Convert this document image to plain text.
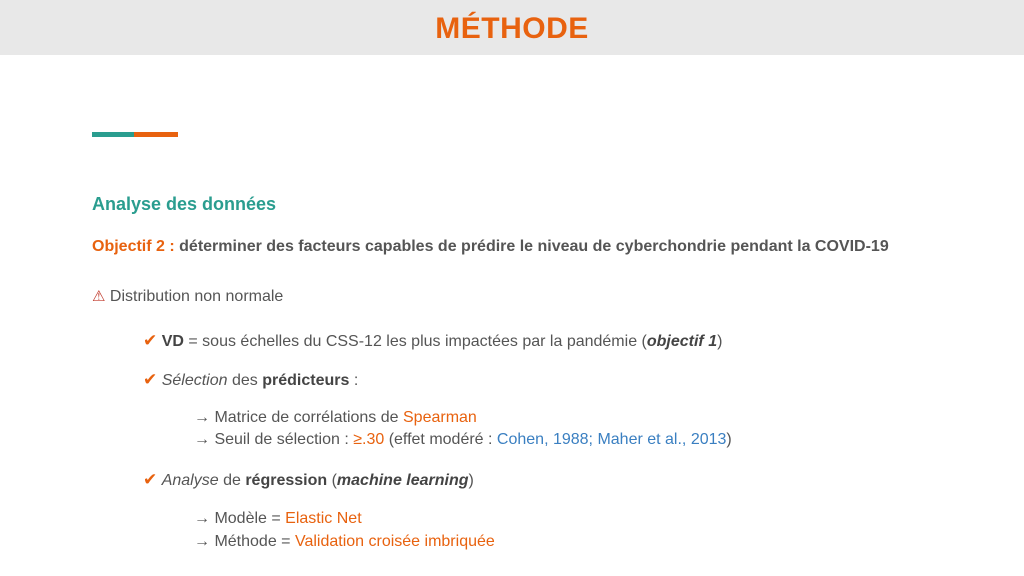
MÉTHODE
Analyse des données
Objectif 2 : déterminer des facteurs capables de prédire le niveau de cyberchondrie pendant la COVID-19
⚠ Distribution non normale
✔ VD = sous échelles du CSS-12 les plus impactées par la pandémie (objectif 1)
✔ Sélection des prédicteurs :
→ Matrice de corrélations de Spearman
→ Seuil de sélection : ≥.30 (effet modéré : Cohen, 1988; Maher et al., 2013)
✔ Analyse de régression (machine learning)
→ Modèle = Elastic Net
→ Méthode = Validation croisée imbriquée
